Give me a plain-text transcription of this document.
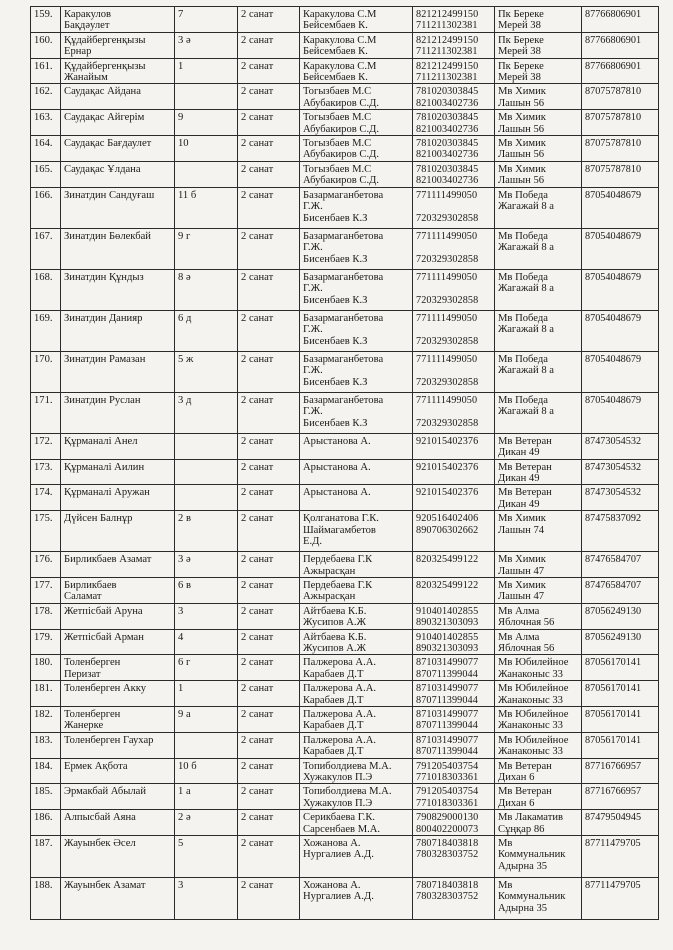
159.	Каракулов
Бақдәулет	7	2 санат	Каракулова С.М
Бейсембаев К.	821212499150
711211302381	Пк Береке
Мерей 38	87766806901
160.	Құдайбергенқызы
Ернар	3 ә	2 санат	Каракулова С.М
Бейсембаев К.	821212499150
711211302381	Пк Береке
Мерей 38	87766806901
161.	Құдайбергенқызы
Жанайым	1	2 санат	Каракулова С.М
Бейсембаев К.	821212499150
711211302381	Пк Береке
Мерей 38	87766806901
162.	Саудақас Айдана		2 санат	Тогызбаев М.С
Абубакиров С.Д.	781020303845
821003402736	Мв Химик
Лашын 56	87075787810
163.	Саудақас Айгерім	9	2 санат	Тогызбаев М.С
Абубакиров С.Д.	781020303845
821003402736	Мв Химик
Лашын 56	87075787810
164.	Саудақас Бағдаулет	10	2 санат	Тогызбаев М.С
Абубакиров С.Д.	781020303845
821003402736	Мв Химик
Лашын 56	87075787810
165.	Саудақас Ұлдана		2 санат	Тогызбаев М.С
Абубакиров С.Д.	781020303845
821003402736	Мв Химик
Лашын 56	87075787810
166.	Зинатдин Сандуғаш	11 б	2 санат	Базармаганбетова
Г.Ж.
Бисенбаев К.З	771111499050

720329302858	Мв Победа
Жагажай 8 а	87054048679
167.	Зинатдин Бөлекбай	9 г	2 санат	Базармаганбетова
Г.Ж.
Бисенбаев К.З	771111499050

720329302858	Мв Победа
Жагажай 8 а	87054048679
168.	Зинатдин Құндыз	8 ә	2 санат	Базармаганбетова
Г.Ж.
Бисенбаев К.З	771111499050

720329302858	Мв Победа
Жагажай 8 а	87054048679
169.	Зинатдин Данияр	6 д	2 санат	Базармаганбетова
Г.Ж.
Бисенбаев К.З	771111499050

720329302858	Мв Победа
Жагажай 8 а	87054048679
170.	Зинатдин Рамазан	5 ж	2 санат	Базармаганбетова
Г.Ж.
Бисенбаев К.З	771111499050

720329302858	Мв Победа
Жагажай 8 а	87054048679
171.	Зинатдин Руслан	3 д	2 санат	Базармаганбетова
Г.Ж.
Бисенбаев К.З	771111499050

720329302858	Мв Победа
Жагажай 8 а	87054048679
172.	Құрманалі Анел		2 санат	Арыстанова А.	921015402376	Мв Ветеран
Дикан 49	87473054532
173.	Құрманалі Аилин		2 санат	Арыстанова А.	921015402376	Мв Ветеран
Дикан 49	87473054532
174.	Құрманалі Аружан		2 санат	Арыстанова А.	921015402376	Мв Ветеран
Дикан 49	87473054532
175.	Дүйсен Балнұр	2 в	2 санат	Қолганатова Г.К.
Шаймагамбетов
Е.Д.	920516402406
890706302662	Мв Химик
Лашын 74	87475837092
176.	Бирликбаев Азамат	3 ә	2 санат	Пердебаева Г.К
Ажырасқан	820325499122	Мв Химик
Лашын 47	87476584707
177.	Бирликбаев
Саламат	6 в	2 санат	Пердебаева Г.К
Ажырасқан	820325499122	Мв Химик
Лашын 47	87476584707
178.	Жетпісбай Аруна	3	2 санат	Айтбаева К.Б.
Жусипов А.Ж	910401402855
890321303093	Мв Алма
Яблочная 56	87056249130
179.	Жетпісбай Арман	4	2 санат	Айтбаева К.Б.
Жусипов А.Ж	910401402855
890321303093	Мв Алма
Яблочная 56	87056249130
180.	Толенберген
Перизат	6 г	2 санат	Палжерова А.А.
Карабаев Д.Т	871031499077
870711399044	Мв Юбилейное
Жанаконыс 33	87056170141
181.	Толенберген Акку	1	2 санат	Палжерова А.А.
Карабаев Д.Т	871031499077
870711399044	Мв Юбилейное
Жанаконыс 33	87056170141
182.	Толенберген
Жанерке	9 а	2 санат	Палжерова А.А.
Карабаев Д.Т	871031499077
870711399044	Мв Юбилейное
Жанаконыс 33	87056170141
183.	Толенберген Гаухар		2 санат	Палжерова А.А.
Карабаев Д.Т	871031499077
870711399044	Мв Юбилейное
Жанаконыс 33	87056170141
184.	Ермек Ақбота	10 б	2 санат	Топиболдиева М.А.
Хужакулов П.Э	791205403754
771018303361	Мв Ветеран
Дихан 6	87716766957
185.	Эрмакбай Абылай	1 а	2 санат	Топиболдиева М.А.
Хужакулов П.Э	791205403754
771018303361	Мв Ветеран
Дихан 6	87716766957
186.	Алпысбай Аяна	2 ә	2 санат	Серикбаева Г.К.
Сарсенбаев М.А.	790829000130
800402200073	Мв Лакаматив
Сұңқар 86	87479504945
187.	Жауынбек Әсел	5	2 санат	Хожанова А.
Нургалиев А.Д.	780718403818
780328303752	Мв
Коммунальник
Адырна 35	87711479705
188.	Жауынбек Азамат	3	2 санат	Хожанова А.
Нургалиев А.Д.	780718403818
780328303752	Мв
Коммунальник
Адырна 35	87711479705
